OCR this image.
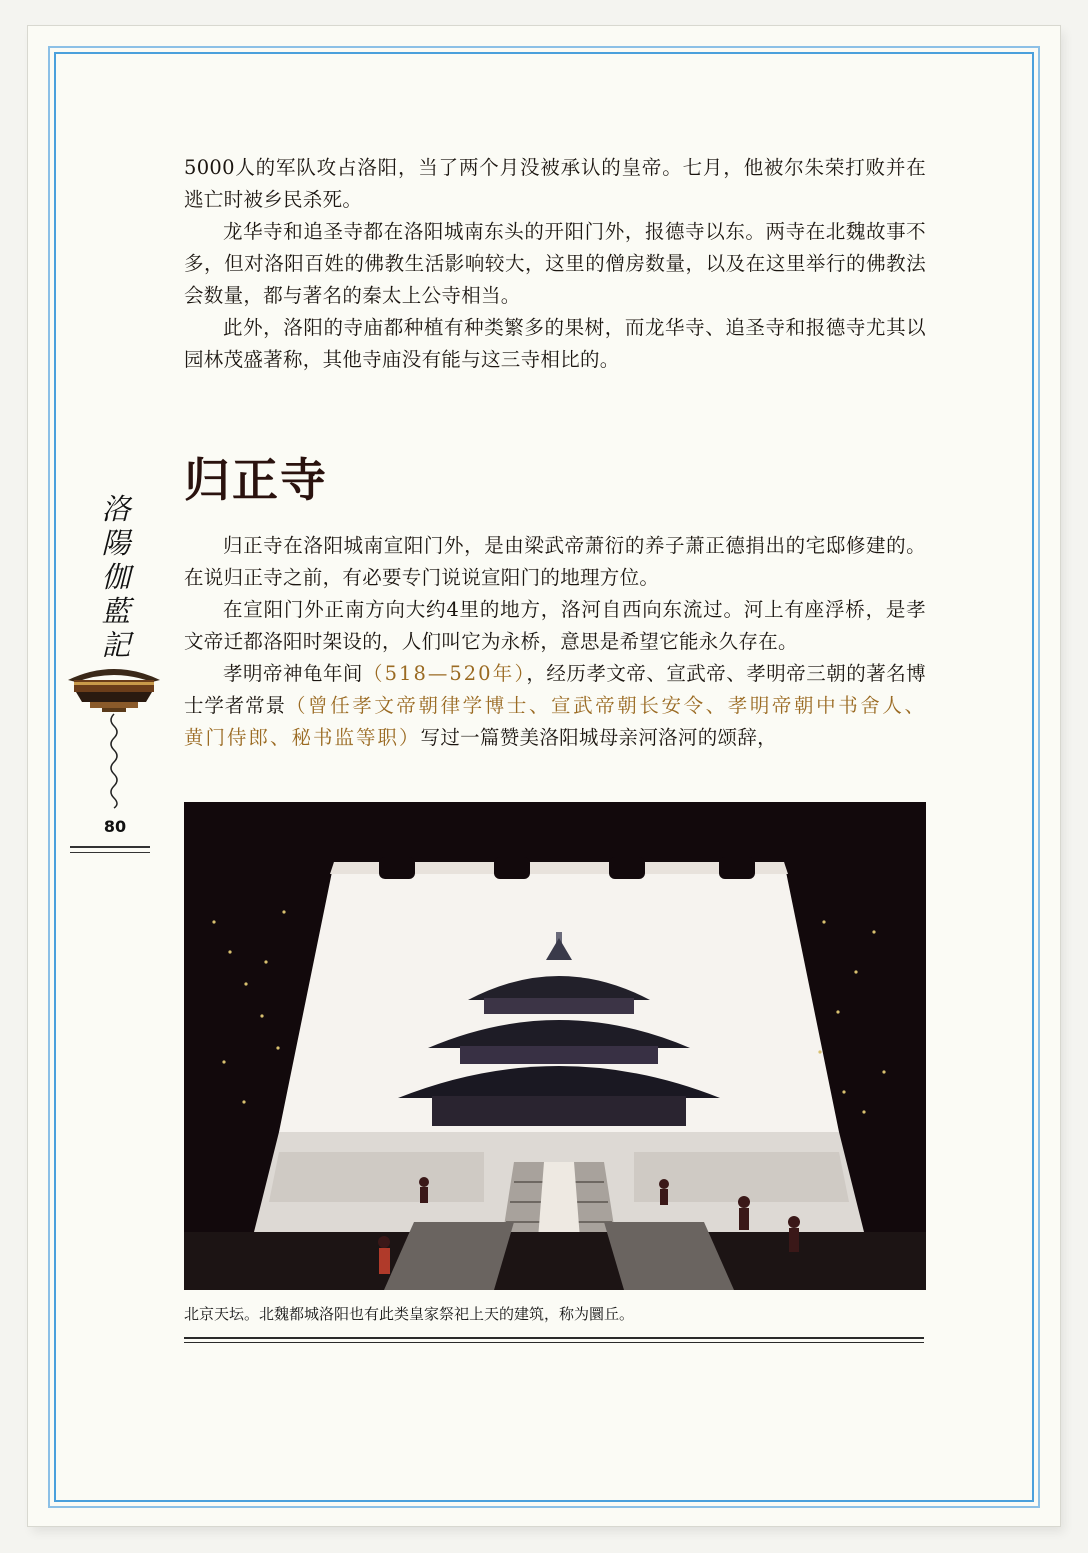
5000人的军队攻占洛阳，当了两个月没被承认的皇帝。七月，他被尔朱荣打败并在逃亡时被乡民杀死。

龙华寺和追圣寺都在洛阳城南东头的开阳门外，报德寺以东。两寺在北魏故事不多，但对洛阳百姓的佛教生活影响较大，这里的僧房数量，以及在这里举行的佛教法会数量，都与著名的秦太上公寺相当。

此外，洛阳的寺庙都种植有种类繁多的果树，而龙华寺、追圣寺和报德寺尤其以园林茂盛著称，其他寺庙没有能与这三寺相比的。

归正寺

归正寺在洛阳城南宣阳门外，是由梁武帝萧衍的养子萧正德捐出的宅邸修建的。在说归正寺之前，有必要专门说说宣阳门的地理方位。

在宣阳门外正南方向大约4里的地方，洛河自西向东流过。河上有座浮桥，是孝文帝迁都洛阳时架设的，人们叫它为永桥，意思是希望它能永久存在。

孝明帝神龟年间（518—520年），经历孝文帝、宣武帝、孝明帝三朝的著名博士学者常景（曾任孝文帝朝律学博士、宣武帝朝长安令、孝明帝朝中书舍人、黄门侍郎、秘书监等职）写过一篇赞美洛阳城母亲河洛河的颂辞，

洛
陽
伽
藍
記
80
北京天坛。北魏都城洛阳也有此类皇家祭祀上天的建筑，称为圜丘。
